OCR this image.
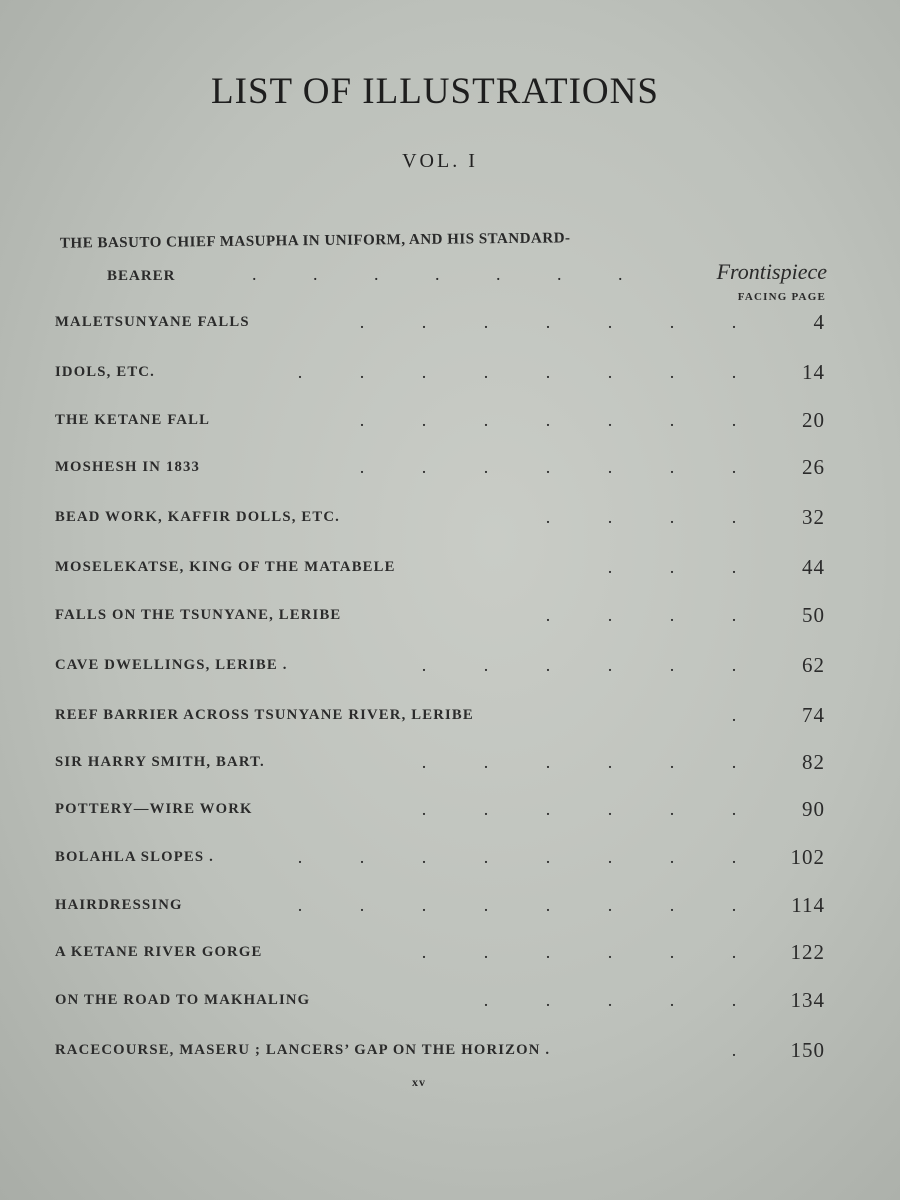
LIST OF ILLUSTRATIONS
VOL. I
THE BASUTO CHIEF MASUPHA IN UNIFORM, AND HIS STANDARD-
BEARER	.	.	.	.	.	.	.	Frontispiece
FACING PAGE
MALETSUNYANE FALLS	.	.	.	.	.	.	.	4
IDOLS, ETC.	.	.	.	.	.	.	.	.	14
THE KETANE FALL	.	.	.	.	.	.	.	20
MOSHESH IN 1833	.	.	.	.	.	.	.	26
BEAD WORK, KAFFIR DOLLS, ETC.	.	.	.	.	32
MOSELEKATSE, KING OF THE MATABELE	.	.	.	44
FALLS ON THE TSUNYANE, LERIBE	.	.	.	.	50
CAVE DWELLINGS, LERIBE .	.	.	.	.	.	.	62
REEF BARRIER ACROSS TSUNYANE RIVER, LERIBE	.	74
SIR HARRY SMITH, BART.	.	.	.	.	.	.	82
POTTERY—WIRE WORK	.	.	.	.	.	.	90
BOLAHLA SLOPES .	.	.	.	.	.	.	.	.	102
HAIRDRESSING	.	.	.	.	.	.	.	.	114
A KETANE RIVER GORGE	.	.	.	.	.	.	122
ON THE ROAD TO MAKHALING	.	.	.	.	.	134
RACECOURSE, MASERU ; LANCERS’ GAP ON THE HORIZON .	.	150
xv
